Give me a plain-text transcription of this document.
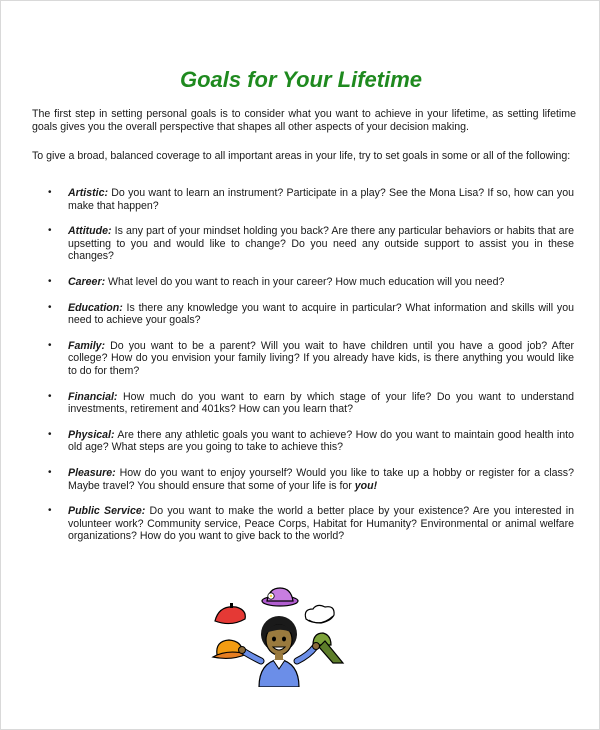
Goals for Your Lifetime

The first step in setting personal goals is to consider what you want to achieve in your lifetime, as setting lifetime goals gives you the overall perspective that shapes all other aspects of your decision making.

To give a broad, balanced coverage to all important areas in your life, try to set goals in some or all of the following:

• Artistic: Do you want to learn an instrument? Participate in a play? See the Mona Lisa? If so, how can you make that happen?
• Attitude: Is any part of your mindset holding you back? Are there any particular behaviors or habits that are upsetting to you and would like to change? Do you need any outside support to assist you in these changes?
• Career: What level do you want to reach in your career? How much education will you need?
• Education: Is there any knowledge you want to acquire in particular? What information and skills will you need to achieve your goals?
• Family: Do you want to be a parent? Will you wait to have children until you have a good job? After college? How do you envision your family living? If you already have kids, is there anything you would like to do for them?
• Financial: How much do you want to earn by which stage of your life? Do you want to understand investments, retirement and 401ks? How can you learn that?
• Physical: Are there any athletic goals you want to achieve? How do you want to maintain good health into old age? What steps are you going to take to achieve this?
• Pleasure: How do you want to enjoy yourself? Would you like to take up a hobby or register for a class? Maybe travel? You should ensure that some of your life is for you!
• Public Service: Do you want to make the world a better place by your existence? Are you interested in volunteer work? Community service, Peace Corps, Habitat for Humanity? Environmental or animal welfare organizations? How do you want to give back to the world?
